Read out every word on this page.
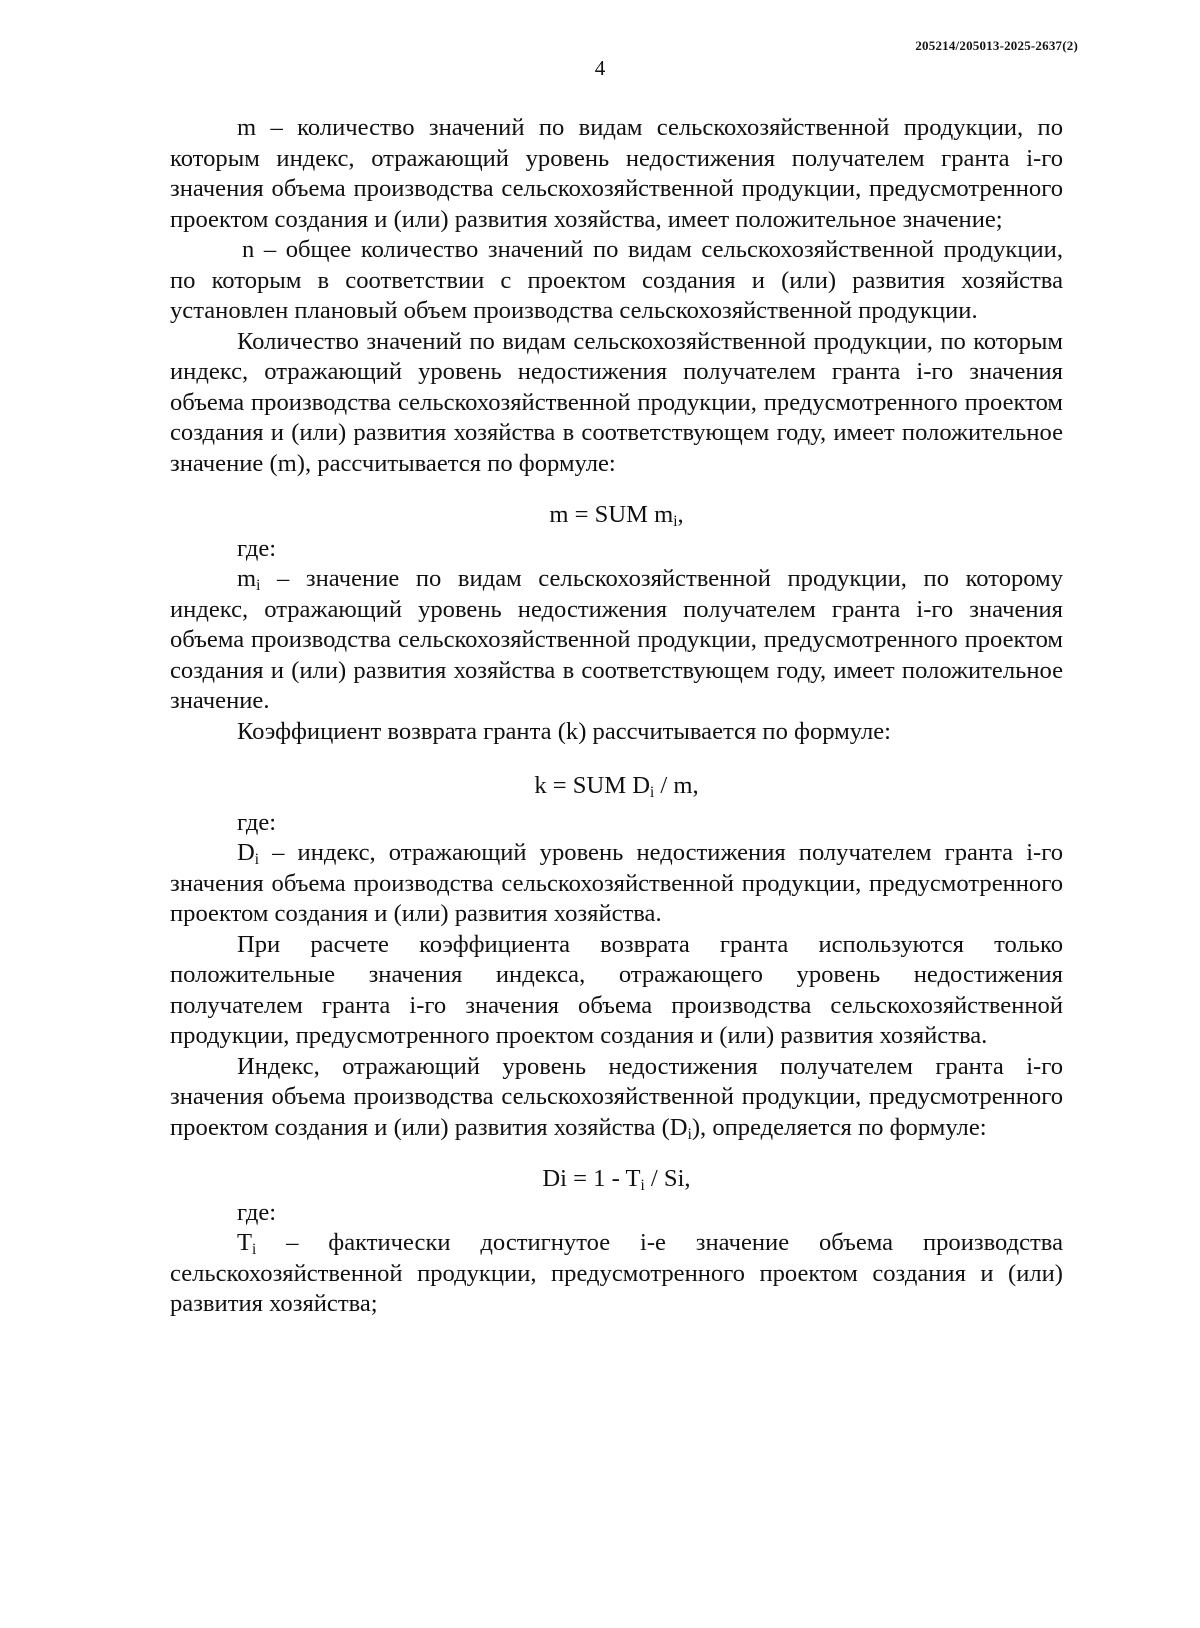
205214/205013-2025-2637(2)
4

m – количество значений по видам сельскохозяйственной продукции, по которым индекс, отражающий уровень недостижения получателем гранта i-го значения объема производства сельскохозяйственной продукции, предусмотренного проектом создания и (или) развития хозяйства, имеет положительное значение;

n – общее количество значений по видам сельскохозяйственной продукции, по которым в соответствии с проектом создания и (или) развития хозяйства установлен плановый объем производства сельскохозяйственной продукции.

Количество значений по видам сельскохозяйственной продукции, по которым индекс, отражающий уровень недостижения получателем гранта i-го значения объема производства сельскохозяйственной продукции, предусмотренного проектом создания и (или) развития хозяйства в соответствующем году, имеет положительное значение (m), рассчитывается по формуле:

m = SUM $m_i$,

где:

$m_i$ – значение по видам сельскохозяйственной продукции, по которому индекс, отражающий уровень недостижения получателем гранта i-го значения объема производства сельскохозяйственной продукции, предусмотренного проектом создания и (или) развития хозяйства в соответствующем году, имеет положительное значение.

Коэффициент возврата гранта (k) рассчитывается по формуле:

k = SUM $D_i$ / m,

где:

$D_i$ – индекс, отражающий уровень недостижения получателем гранта i-го значения объема производства сельскохозяйственной продукции, предусмотренного проектом создания и (или) развития хозяйства.

При расчете коэффициента возврата гранта используются только положительные значения индекса, отражающего уровень недостижения получателем гранта i-го значения объема производства сельскохозяйственной продукции, предусмотренного проектом создания и (или) развития хозяйства.

Индекс, отражающий уровень недостижения получателем гранта i-го значения объема производства сельскохозяйственной продукции, предусмотренного проектом создания и (или) развития хозяйства $(D_i)$, определяется по формуле:

$Di = 1 - T_i / Si$,

где:

$T_i$ – фактически достигнутое i-е значение объема производства сельскохозяйственной продукции, предусмотренного проектом создания и (или) развития хозяйства;
